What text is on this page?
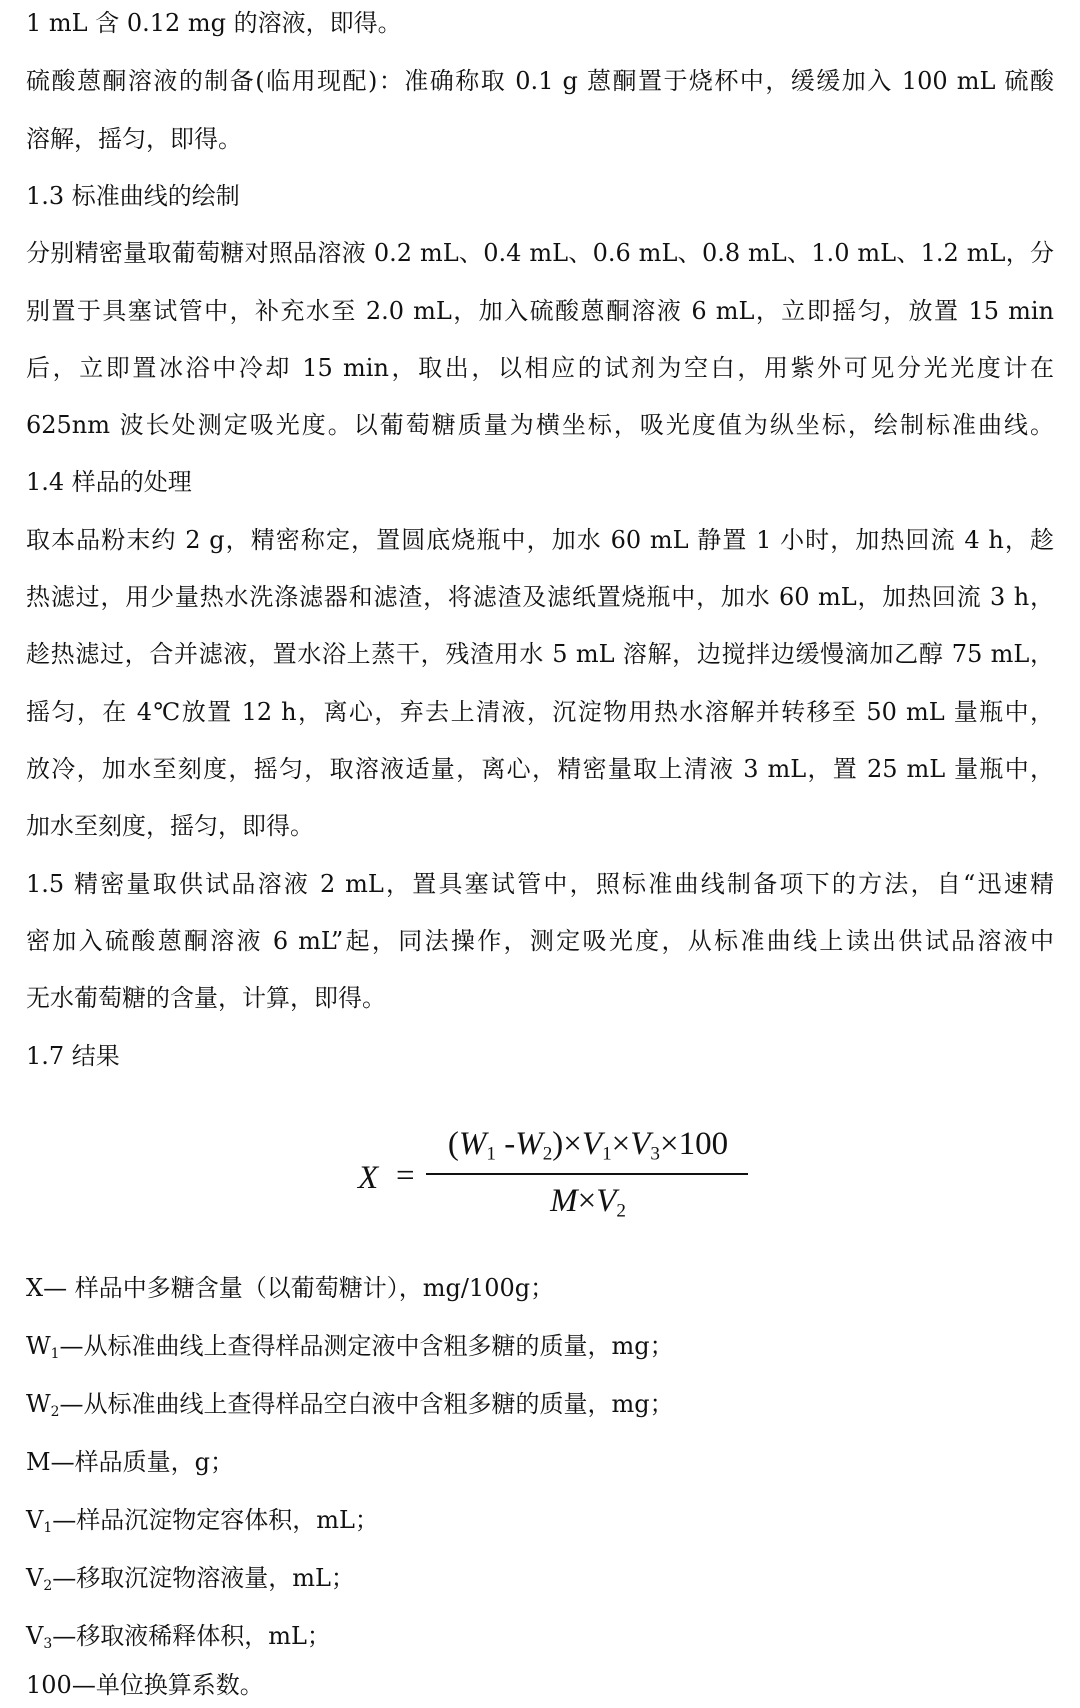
1 mL 含 0.12 mg 的溶液，即得。
硫酸蒽酮溶液的制备(临用现配)：准确称取 0.1 g 蒽酮置于烧杯中，缓缓加入 100 mL 硫酸
溶解，摇匀，即得。
1.3 标准曲线的绘制
分别精密量取葡萄糖对照品溶液 0.2 mL、0.4 mL、0.6 mL、0.8 mL、1.0 mL、1.2 mL，分
别置于具塞试管中，补充水至 2.0 mL，加入硫酸蒽酮溶液 6 mL，立即摇匀，放置 15 min
后，立即置冰浴中冷却 15 min，取出，以相应的试剂为空白，用紫外可见分光光度计在
625nm 波长处测定吸光度。以葡萄糖质量为横坐标，吸光度值为纵坐标，绘制标准曲线。
1.4 样品的处理
取本品粉末约 2 g，精密称定，置圆底烧瓶中，加水 60 mL 静置 1 小时，加热回流 4 h，趁
热滤过，用少量热水洗涤滤器和滤渣，将滤渣及滤纸置烧瓶中，加水 60 mL，加热回流 3 h，
趁热滤过，合并滤液，置水浴上蒸干，残渣用水 5 mL 溶解，边搅拌边缓慢滴加乙醇 75 mL，
摇匀，在 4℃放置 12 h，离心，弃去上清液，沉淀物用热水溶解并转移至 50 mL 量瓶中，
放冷，加水至刻度，摇匀，取溶液适量，离心，精密量取上清液 3 mL，置 25 mL 量瓶中，
加水至刻度，摇匀，即得。
1.5 精密量取供试品溶液 2 mL，置具塞试管中，照标准曲线制备项下的方法，自“迅速精
密加入硫酸蒽酮溶液 6 mL”起，同法操作，测定吸光度，从标准曲线上读出供试品溶液中
无水葡萄糖的含量，计算，即得。
1.7 结果
X =
($W_1$ $-W_2)\times V_1\times V_3\times 100$
$M\times V_2$
X— 样品中多糖含量（以葡萄糖计），mg/100g；
$W_1—$从标准曲线上查得样品测定液中含粗多糖的质量，mg；
$W_2—$从标准曲线上查得样品空白液中含粗多糖的质量，mg；
M—样品质量，g；
$V_1—$样品沉淀物定容体积，mL；
$V_2—$移取沉淀物溶液量，mL；
$V_3—$移取液稀释体积，mL；
100—单位换算系数。
